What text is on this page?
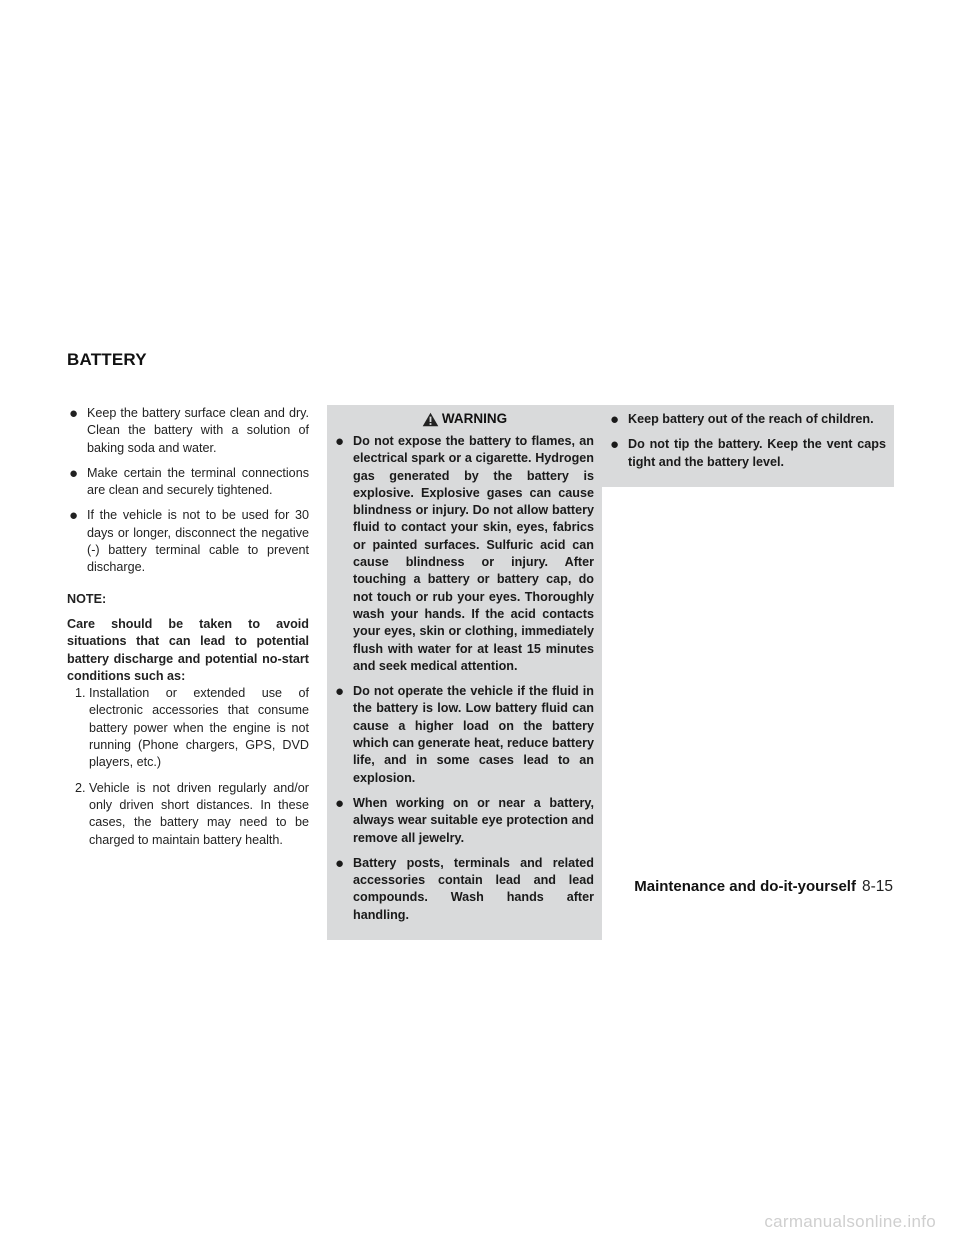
BATTERY
● Keep the battery surface clean and dry. Clean the battery with a solution of baking soda and water.
● Make certain the terminal connections are clean and securely tightened.
● If the vehicle is not to be used for 30 days or longer, disconnect the negative (-) battery terminal cable to prevent discharge.

NOTE:

Care should be taken to avoid situations that can lead to potential battery discharge and potential no-start conditions such as:

1. Installation or extended use of electronic accessories that consume battery power when the engine is not running (Phone chargers, GPS, DVD players, etc.)
2. Vehicle is not driven regularly and/or only driven short distances. In these cases, the battery may need to be charged to maintain battery health.
WARNING
● Do not expose the battery to flames, an electrical spark or a cigarette. Hydrogen gas generated by the battery is explosive. Explosive gases can cause blindness or injury. Do not allow battery fluid to contact your skin, eyes, fabrics or painted surfaces. Sulfuric acid can cause blindness or injury. After touching a battery or battery cap, do not touch or rub your eyes. Thoroughly wash your hands. If the acid contacts your eyes, skin or clothing, immediately flush with water for at least 15 minutes and seek medical attention.
● Do not operate the vehicle if the fluid in the battery is low. Low battery fluid can cause a higher load on the battery which can generate heat, reduce battery life, and in some cases lead to an explosion.
● When working on or near a battery, always wear suitable eye protection and remove all jewelry.
● Battery posts, terminals and related accessories contain lead and lead compounds. Wash hands after handling.
● Keep battery out of the reach of children.
● Do not tip the battery. Keep the vent caps tight and the battery level.
Maintenance and do-it-yourself 8-15
carmanualsonline.info
